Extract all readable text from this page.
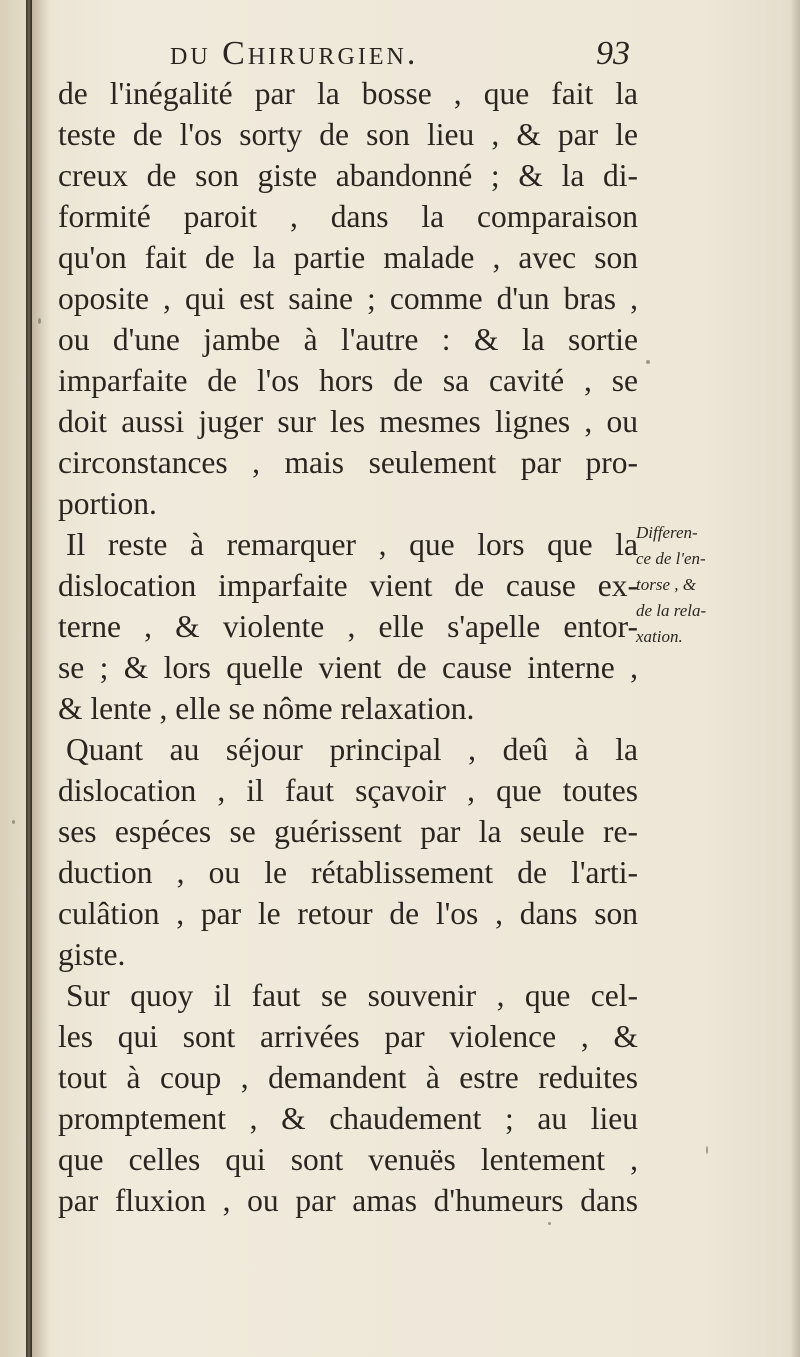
du Chirurgien.	93
de l'inégalité par la bosse , que fait la
teste de l'os sorty de son lieu , & par le
creux de son giste abandonné ; & la di-
formité paroit , dans la comparaison
qu'on fait de la partie malade , avec son
oposite , qui est saine ; comme d'un bras ,
ou d'une jambe à l'autre : & la sortie
imparfaite de l'os hors de sa cavité , se
doit aussi juger sur les mesmes lignes , ou
circonstances , mais seulement par pro-
portion.
Il reste à remarquer , que lors que la
dislocation imparfaite vient de cause ex-
terne , & violente , elle s'apelle entor-
se ; & lors quelle vient de cause interne ,
& lente , elle se nôme relaxation.
Quant au séjour principal , deû à la
dislocation , il faut sçavoir , que toutes
ses espéces se guérissent par la seule re-
duction , ou le rétablissement de l'arti-
culâtion , par le retour de l'os , dans son
giste.
Sur quoy il faut se souvenir , que cel-
les qui sont arrivées par violence , &
tout à coup , demandent à estre reduites
promptement , & chaudement ; au lieu
que celles qui sont venuës lentement ,
par fluxion , ou par amas d'humeurs dans
Differen-
ce de l'en-
torse , &
de la rela-
xation.
